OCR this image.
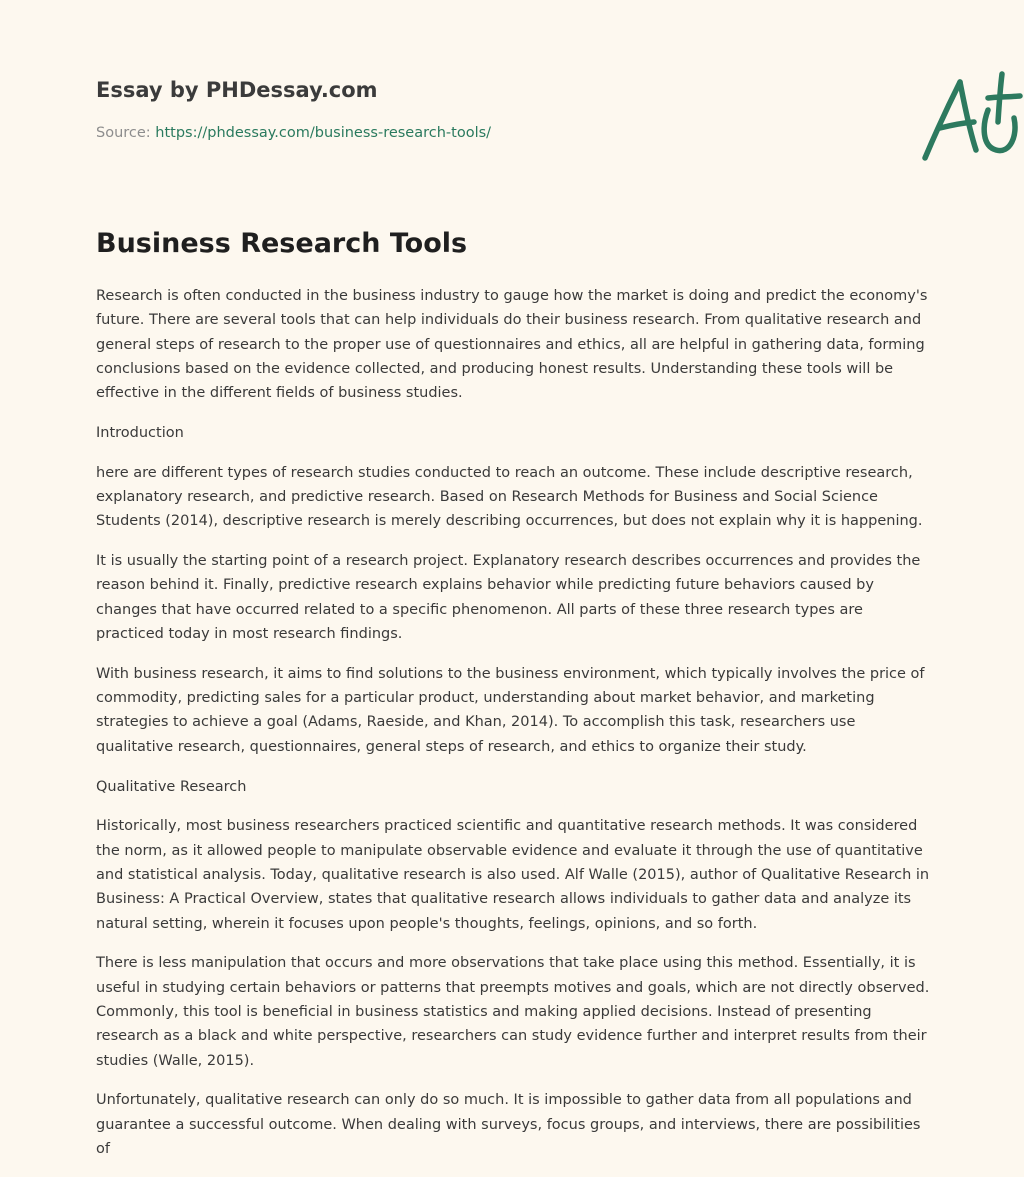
Essay by PHDessay.com
Source: https://phdessay.com/business-research-tools/
Business Research Tools

Research is often conducted in the business industry to gauge how the market is doing and predict the economy's future. There are several tools that can help individuals do their business research. From qualitative research and general steps of research to the proper use of questionnaires and ethics, all are helpful in gathering data, forming conclusions based on the evidence collected, and producing honest results. Understanding these tools will be effective in the different fields of business studies.

Introduction

here are different types of research studies conducted to reach an outcome. These include descriptive research, explanatory research, and predictive research. Based on Research Methods for Business and Social Science Students (2014), descriptive research is merely describing occurrences, but does not explain why it is happening.

It is usually the starting point of a research project. Explanatory research describes occurrences and provides the reason behind it. Finally, predictive research explains behavior while predicting future behaviors caused by changes that have occurred related to a specific phenomenon. All parts of these three research types are practiced today in most research findings.

With business research, it aims to find solutions to the business environment, which typically involves the price of commodity, predicting sales for a particular product, understanding about market behavior, and marketing strategies to achieve a goal (Adams, Raeside, and Khan, 2014). To accomplish this task, researchers use qualitative research, questionnaires, general steps of research, and ethics to organize their study.

Qualitative Research

Historically, most business researchers practiced scientific and quantitative research methods. It was considered the norm, as it allowed people to manipulate observable evidence and evaluate it through the use of quantitative and statistical analysis. Today, qualitative research is also used. Alf Walle (2015), author of Qualitative Research in Business: A Practical Overview, states that qualitative research allows individuals to gather data and analyze its natural setting, wherein it focuses upon people's thoughts, feelings, opinions, and so forth.

There is less manipulation that occurs and more observations that take place using this method. Essentially, it is useful in studying certain behaviors or patterns that preempts motives and goals, which are not directly observed. Commonly, this tool is beneficial in business statistics and making applied decisions. Instead of presenting research as a black and white perspective, researchers can study evidence further and interpret results from their studies (Walle, 2015).

Unfortunately, qualitative research can only do so much. It is impossible to gather data from all populations and guarantee a successful outcome. When dealing with surveys, focus groups, and interviews, there are possibilities of
